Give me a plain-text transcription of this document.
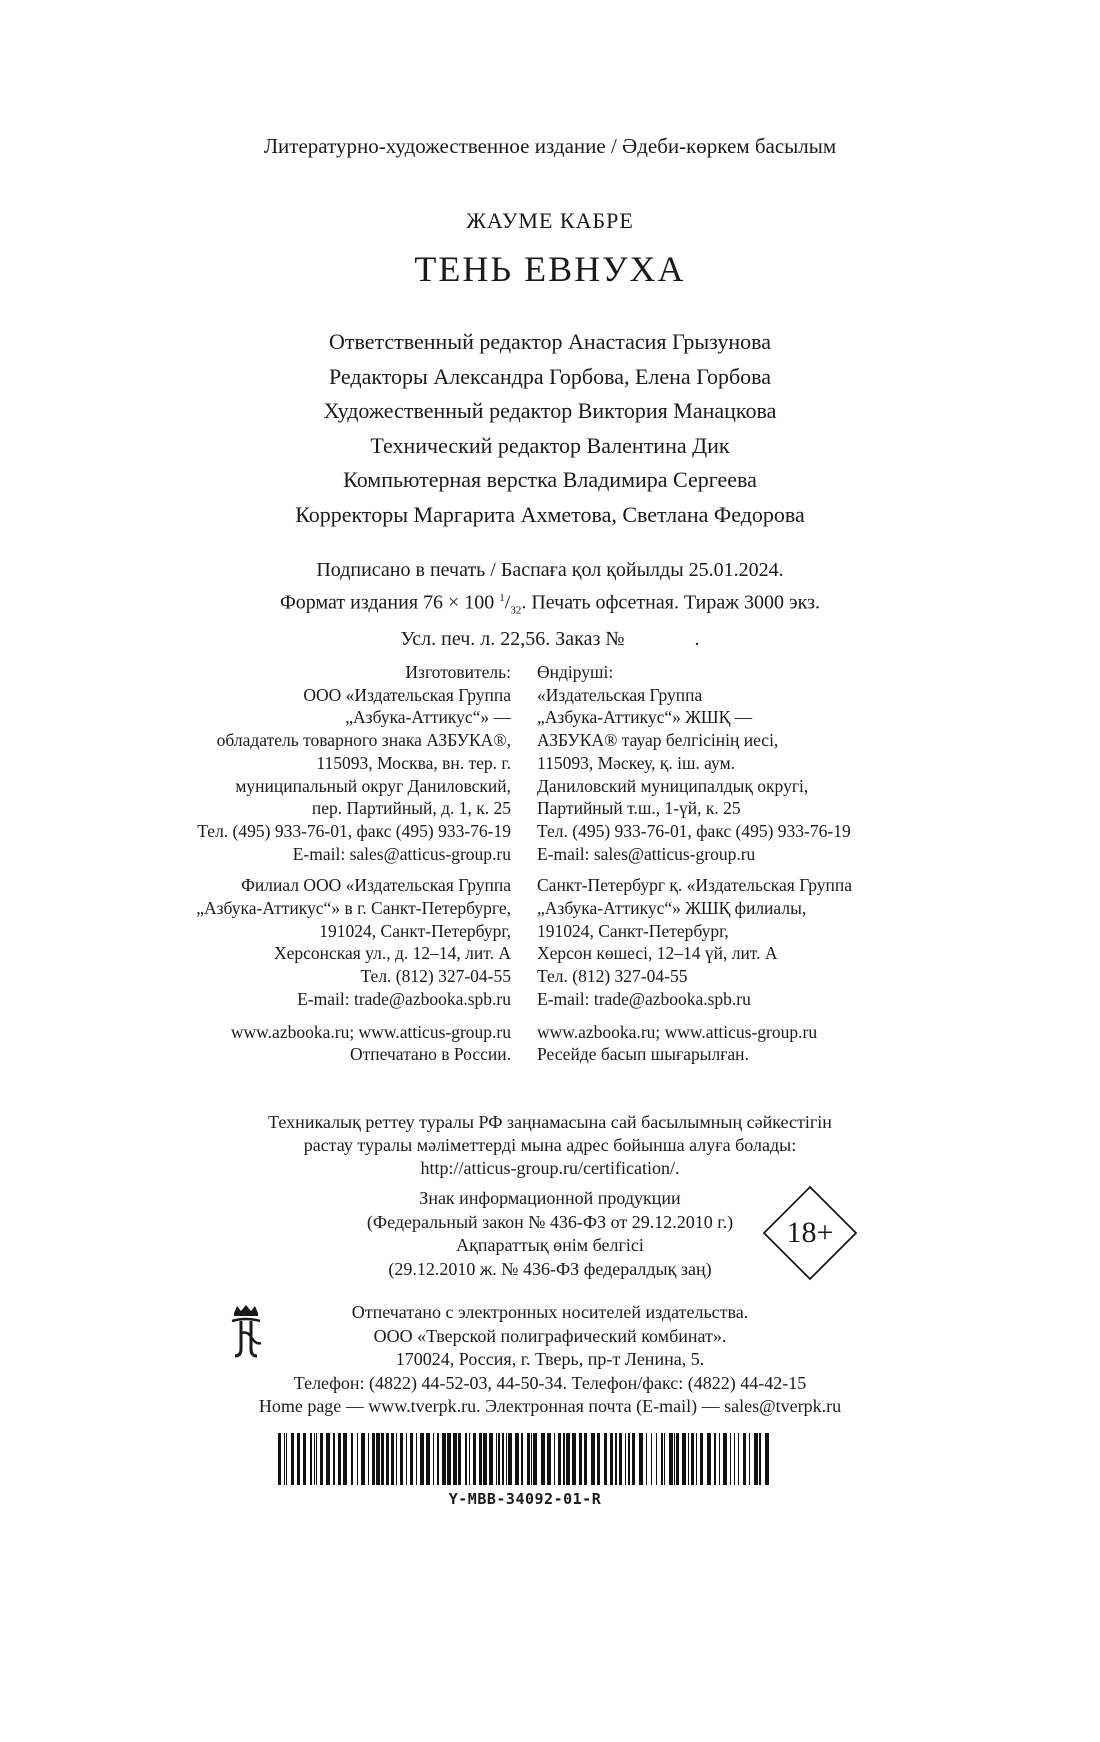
Литературно-художественное издание / Әдеби-көркем басылым
ЖАУМЕ КАБРЕ
ТЕНЬ ЕВНУХА
Ответственный редактор Анастасия Грызунова
Редакторы Александра Горбова, Елена Горбова
Художественный редактор Виктория Манацкова
Технический редактор Валентина Дик
Компьютерная верстка Владимира Сергеева
Корректоры Маргарита Ахметова, Светлана Федорова
Подписано в печать / Баспаға қол қойылды 25.01.2024.
Формат издания 76 × 100 $^1/_{32}$. Печать офсетная. Тираж 3000 экз.
Усл. печ. л. 22,56. Заказ №	.
Изготовитель:
ООО «Издательская Группа
„Азбука-Аттикус“» —
обладатель товарного знака АЗБУКА®,
115093, Москва, вн. тер. г.
муниципальный округ Даниловский,
пер. Партийный, д. 1, к. 25
Тел. (495) 933-76-01, факс (495) 933-76-19
E-mail: sales@atticus-group.ru
Филиал ООО «Издательская Группа
„Азбука-Аттикус“» в г. Санкт-Петербурге,
191024, Санкт-Петербург,
Херсонская ул., д. 12–14, лит. А
Тел. (812) 327-04-55
E-mail: trade@azbooka.spb.ru
www.azbooka.ru; www.atticus-group.ru
Отпечатано в России.
Өндіруші:
«Издательская Группа
„Азбука-Аттикус“» ЖШҚ —
АЗБУКА® тауар белгісінің иесі,
115093, Мәскеу, қ. іш. аум.
Даниловский муниципалдық округі,
Партийный т.ш., 1-үй, к. 25
Тел. (495) 933-76-01, факс (495) 933-76-19
E-mail: sales@atticus-group.ru
Санкт-Петербург қ. «Издательская Группа
„Азбука-Аттикус“» ЖШҚ филиалы,
191024, Санкт-Петербург,
Херсон көшесі, 12–14 үй, лит. А
Тел. (812) 327-04-55
E-mail: trade@azbooka.spb.ru
www.azbooka.ru; www.atticus-group.ru
Ресейде басып шығарылған.
Техникалық реттеу туралы РФ заңнамасына сай басылымның сәйкестігін
растау туралы мәліметтерді мына адрес бойынша алуға болады:
http://atticus-group.ru/certification/.
Знак информационной продукции
(Федеральный закон № 436-ФЗ от 29.12.2010 г.)
Ақпараттық өнім белгісі
(29.12.2010 ж. № 436-ФЗ федералдық заң)
18+
Отпечатано с электронных носителей издательства.
ООО «Тверской полиграфический комбинат».
170024, Россия, г. Тверь, пр-т Ленина, 5.
Телефон: (4822) 44-52-03, 44-50-34. Телефон/факс: (4822) 44-42-15
Home page — www.tverpk.ru. Электронная почта (E-mail) — sales@tverpk.ru
Y-MBB-34092-01-R
